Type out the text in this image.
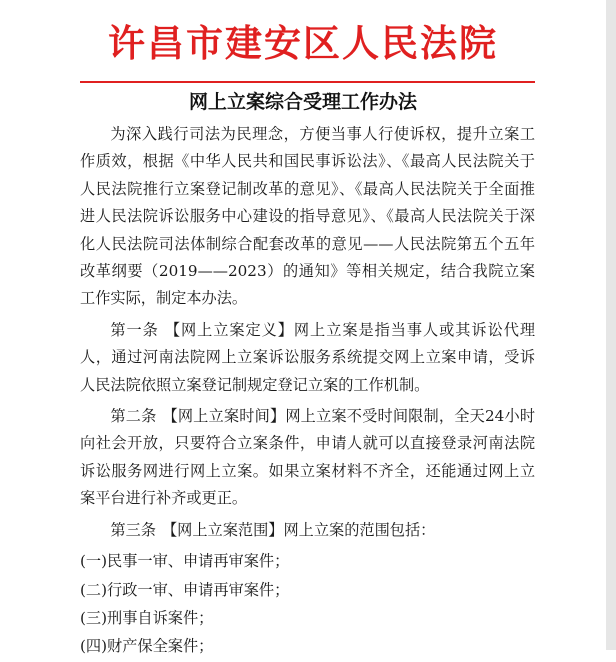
许昌市建安区人民法院
网上立案综合受理工作办法

为深入践行司法为民理念，方便当事人行使诉权，提升立案工作质效，根据《中华人民共和国民事诉讼法》、《最高人民法院关于人民法院推行立案登记制改革的意见》、《最高人民法院关于全面推进人民法院诉讼服务中心建设的指导意见》、《最高人民法院关于深化人民法院司法体制综合配套改革的意见——人民法院第五个五年改革纲要（2019——2023）的通知》等相关规定，结合我院立案工作实际，制定本办法。

第一条 【网上立案定义】网上立案是指当事人或其诉讼代理人，通过河南法院网上立案诉讼服务系统提交网上立案申请，受诉人民法院依照立案登记制规定登记立案的工作机制。

第二条 【网上立案时间】网上立案不受时间限制，全天24小时向社会开放，只要符合立案条件，申请人就可以直接登录河南法院诉讼服务网进行网上立案。如果立案材料不齐全，还能通过网上立案平台进行补齐或更正。

第三条 【网上立案范围】网上立案的范围包括：

(一)民事一审、申请再审案件；

(二)行政一审、申请再审案件；

(三)刑事自诉案件；

(四)财产保全案件；
